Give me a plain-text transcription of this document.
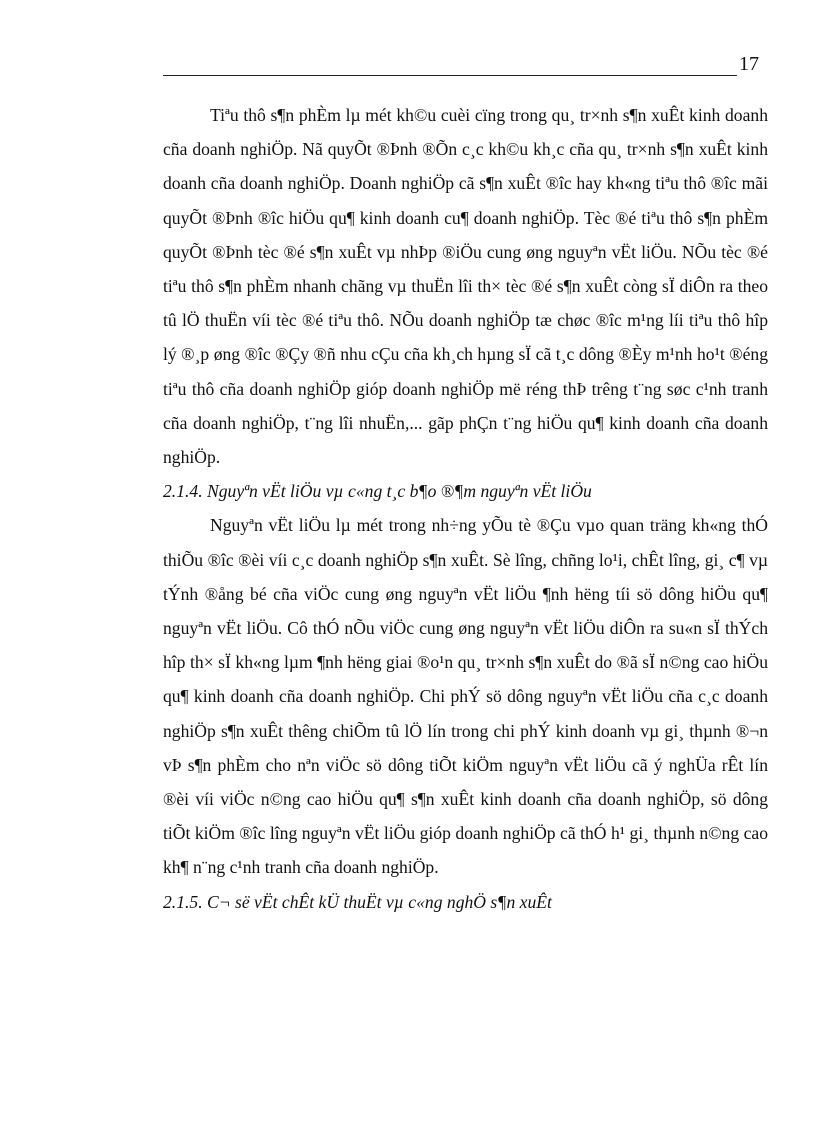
17

Tiªu thô s¶n phÈm lµ mét kh©u cuèi cïng trong qu¸ tr×nh s¶n xuÊt kinh doanh cña doanh nghiÖp. Nã quyÕt ®Þnh ®Õn c¸c kh©u kh¸c cña qu¸ tr×nh s¶n xuÊt kinh doanh cña doanh nghiÖp. Doanh nghiÖp cã s¶n xuÊt ®îc hay kh«ng tiªu thô ®îc mãi quyÕt ®Þnh ®îc hiÖu qu¶ kinh doanh cu¶ doanh nghiÖp. Tèc ®é tiªu thô s¶n phÈm quyÕt ®Þnh tèc ®é s¶n xuÊt vµ nhÞp ®iÖu cung øng nguyªn vËt liÖu. NÕu tèc ®é tiªu thô s¶n phÈm nhanh chãng vµ thuËn lîi th× tèc ®é s¶n xuÊt còng sÏ diÔn ra theo tû lÖ thuËn víi tèc ®é tiªu thô. NÕu doanh nghiÖp tæ chøc ®îc m¹ng líi tiªu thô hîp lý ®¸p øng ®îc ®Çy ®ñ nhu cÇu cña kh¸ch hµng sÏ cã t¸c dông ®Èy m¹nh ho¹t ®éng tiªu thô cña doanh nghiÖp gióp doanh nghiÖp më réng thÞ trêng t¨ng søc c¹nh tranh cña doanh nghiÖp, t¨ng lîi nhuËn,... gãp phÇn t¨ng hiÖu qu¶ kinh doanh cña doanh nghiÖp.

2.1.4. Nguyªn vËt liÖu vµ c«ng t¸c b¶o ®¶m nguyªn vËt liÖu

Nguyªn vËt liÖu lµ mét trong nh÷ng yÕu tè ®Çu vµo quan träng kh«ng thÓ thiÕu ®îc ®èi víi c¸c doanh nghiÖp s¶n xuÊt. Sè lîng, chñng lo¹i, chÊt lîng, gi¸ c¶ vµ tÝnh ®ång bé cña viÖc cung øng nguyªn vËt liÖu ¶nh hëng tíi sö dông hiÖu qu¶ nguyªn vËt liÖu. Cô thÓ nÕu viÖc cung øng nguyªn vËt liÖu diÔn ra su«n sÏ thÝch hîp th× sÏ kh«ng lµm ¶nh hëng giai ®o¹n qu¸ tr×nh s¶n xuÊt do ®ã sÏ n©ng cao hiÖu qu¶ kinh doanh cña doanh nghiÖp. Chi phÝ sö dông nguyªn vËt liÖu cña c¸c doanh nghiÖp s¶n xuÊt thêng chiÕm tû lÖ lín trong chi phÝ kinh doanh vµ gi¸ thµnh ®¬n vÞ s¶n phÈm cho nªn viÖc sö dông tiÕt kiÖm nguyªn vËt liÖu cã ý nghÜa rÊt lín ®èi víi viÖc n©ng cao hiÖu qu¶ s¶n xuÊt kinh doanh cña doanh nghiÖp, sö dông tiÕt kiÖm ®îc lîng nguyªn vËt liÖu gióp doanh nghiÖp cã thÓ h¹ gi¸ thµnh n©ng cao kh¶ n¨ng c¹nh tranh cña doanh nghiÖp.

2.1.5. C¬ së vËt chÊt kÜ thuËt vµ c«ng nghÖ s¶n xuÊt
